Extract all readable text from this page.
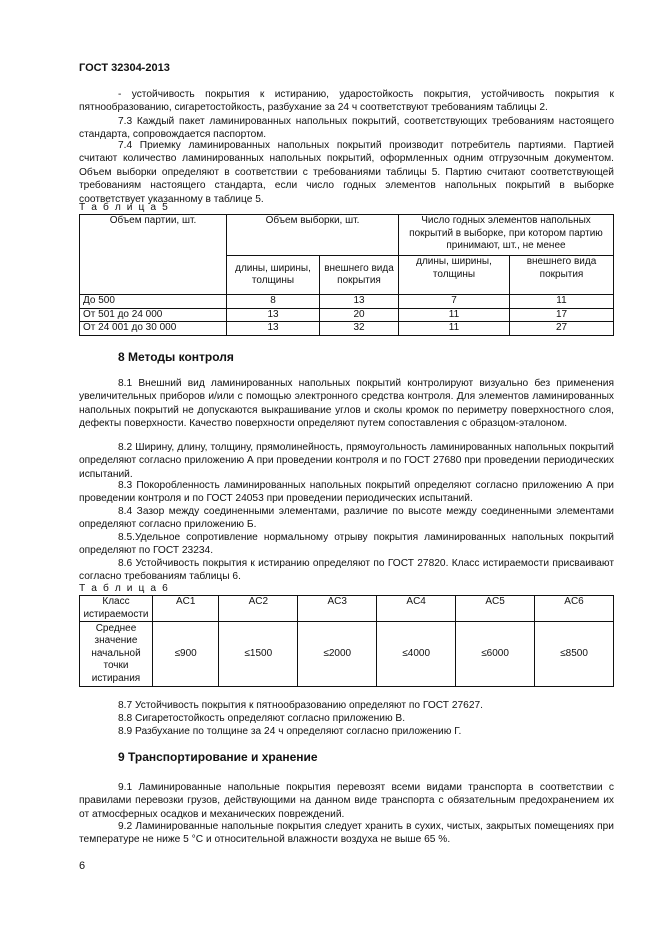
ГОСТ 32304-2013
- устойчивость покрытия к истиранию, ударостойкость покрытия, устойчивость покрытия к пятнообразованию, сигаретостойкость, разбухание за 24 ч соответствуют требованиям таблицы 2.
7.3 Каждый пакет ламинированных напольных покрытий, соответствующих требованиям настоящего стандарта, сопровождается паспортом.
7.4 Приемку ламинированных напольных покрытий производит потребитель партиями. Партией считают количество ламинированных напольных покрытий, оформленных одним отгрузочным документом. Объем выборки определяют в соответствии с требованиями таблицы 5. Партию считают соответствующей требованиям настоящего стандарта, если число годных элементов напольных покрытий в выборке соответствует указанному в таблице 5.
Т а б л и ц а 5
Объем партии, шт.	Объем выборки, шт.		Число годных элементов напольных покрытий в выборке, при котором партию принимают, шт., не менее	
	длины, ширины, толщины	внешнего вида покрытия	длины, ширины, толщины	внешнего вида покрытия
До 500	8	13	7	11
От 501 до 24 000	13	20	11	17
От 24 001 до 30 000	13	32	11	27
8 Методы контроля
8.1 Внешний вид ламинированных напольных покрытий контролируют визуально без применения увеличительных приборов и/или с помощью электронного средства контроля. Для элементов ламинированных напольных покрытий не допускаются выкрашивание углов и сколы кромок по периметру поверхностного слоя, дефекты поверхности. Качество поверхности определяют путем сопоставления с образцом-эталоном.
8.2 Ширину, длину, толщину, прямолинейность, прямоугольность ламинированных напольных покрытий определяют согласно приложению А при проведении контроля и по ГОСТ 27680 при проведении периодических испытаний.
8.3 Покоробленность ламинированных напольных покрытий определяют согласно приложению А при проведении контроля и по ГОСТ 24053 при проведении периодических испытаний.
8.4 Зазор между соединенными элементами, различие по высоте между соединенными элементами определяют согласно приложению Б.
8.5.Удельное сопротивление нормальному отрыву покрытия ламинированных напольных покрытий определяют по ГОСТ 23234.
8.6 Устойчивость покрытия к истиранию определяют по ГОСТ 27820. Класс истираемости присваивают согласно требованиям таблицы 6.
Т а б л и ц а 6
Класс истираемости	AC1	AC2	AC3	AC4	AC5	AC6
Среднее значение начальной точки истирания	≤900	≤1500	≤2000	≤4000	≤6000	≤8500
8.7 Устойчивость покрытия к пятнообразованию определяют по ГОСТ 27627.
8.8 Сигаретостойкость определяют согласно приложению В.
8.9 Разбухание по толщине за 24 ч определяют согласно приложению Г.
9 Транспортирование и хранение
9.1 Ламинированные напольные покрытия перевозят всеми видами транспорта в соответствии с правилами перевозки грузов, действующими на данном виде транспорта с обязательным предохранением их от атмосферных осадков и механических повреждений.
9.2 Ламинированные напольные покрытия следует хранить в сухих, чистых, закрытых помещениях при температуре не ниже 5 °С и относительной влажности воздуха не выше 65 %.
6
